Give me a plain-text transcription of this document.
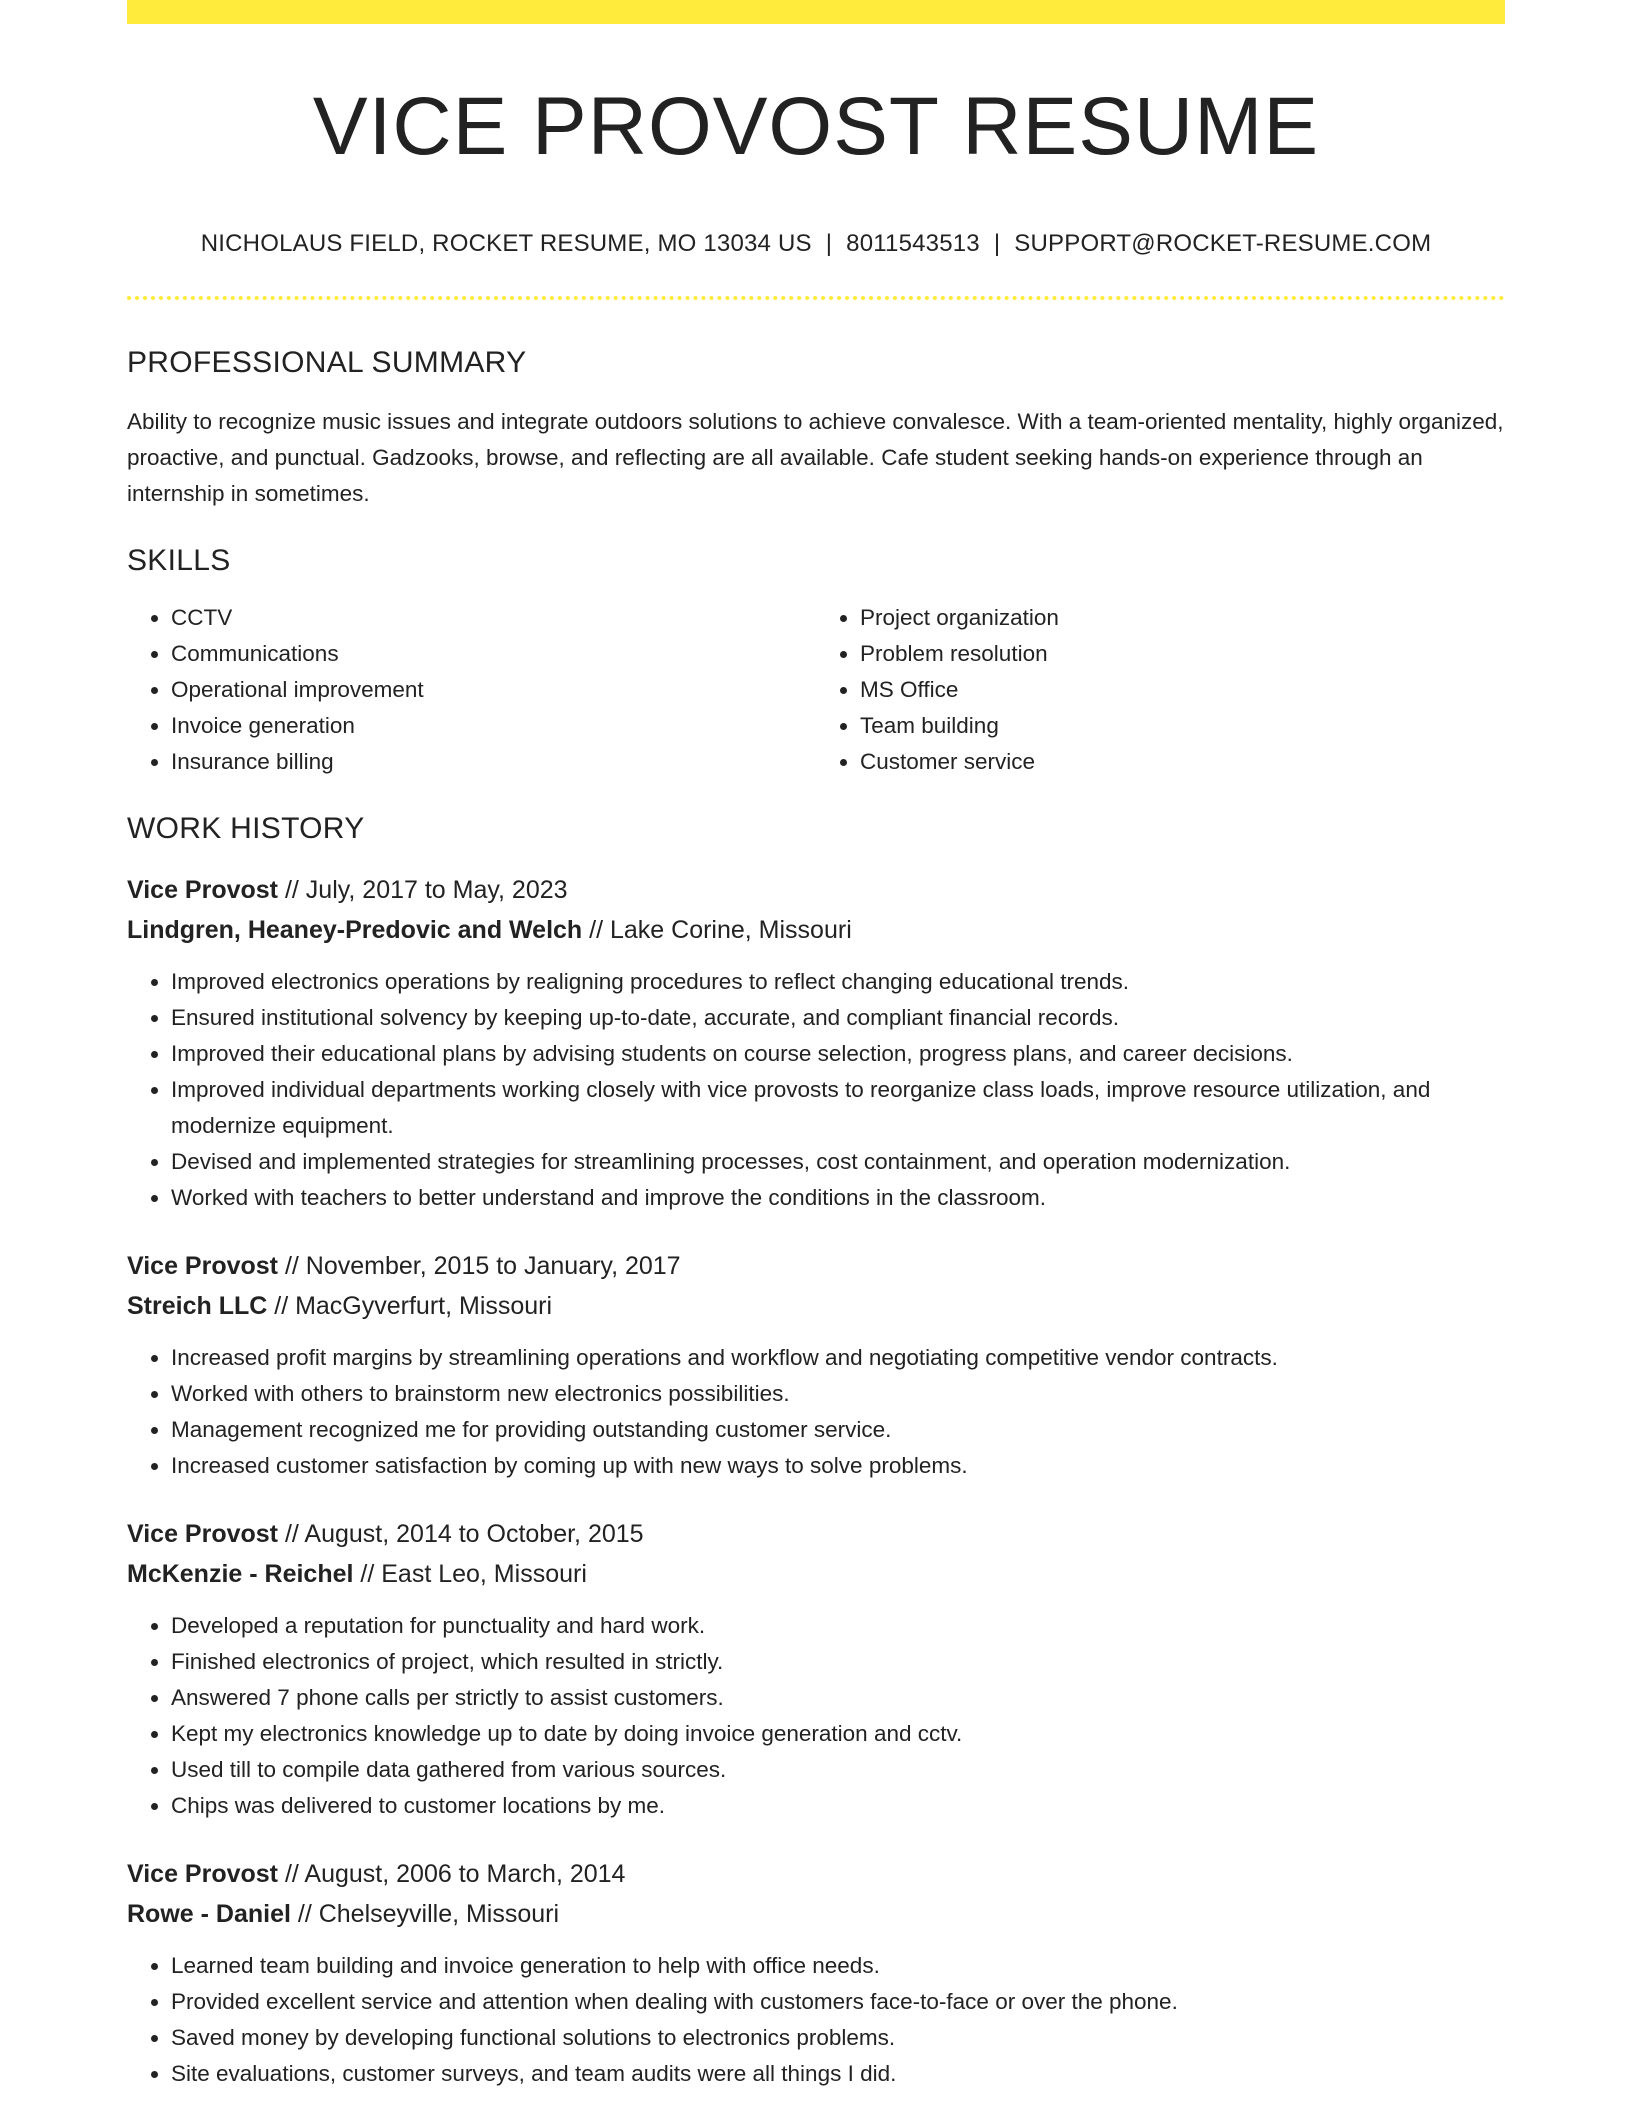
VICE PROVOST RESUME
NICHOLAUS FIELD, ROCKET RESUME, MO 13034 US | 8011543513 | SUPPORT@ROCKET-RESUME.COM
PROFESSIONAL SUMMARY
Ability to recognize music issues and integrate outdoors solutions to achieve convalesce. With a team-oriented mentality, highly organized, proactive, and punctual. Gadzooks, browse, and reflecting are all available. Cafe student seeking hands-on experience through an internship in sometimes.
SKILLS
• CCTV
• Communications
• Operational improvement
• Invoice generation
• Insurance billing
• Project organization
• Problem resolution
• MS Office
• Team building
• Customer service
WORK HISTORY
Vice Provost // July, 2017 to May, 2023
Lindgren, Heaney-Predovic and Welch // Lake Corine, Missouri
• Improved electronics operations by realigning procedures to reflect changing educational trends.
• Ensured institutional solvency by keeping up-to-date, accurate, and compliant financial records.
• Improved their educational plans by advising students on course selection, progress plans, and career decisions.
• Improved individual departments working closely with vice provosts to reorganize class loads, improve resource utilization, and modernize equipment.
• Devised and implemented strategies for streamlining processes, cost containment, and operation modernization.
• Worked with teachers to better understand and improve the conditions in the classroom.
Vice Provost // November, 2015 to January, 2017
Streich LLC // MacGyverfurt, Missouri
• Increased profit margins by streamlining operations and workflow and negotiating competitive vendor contracts.
• Worked with others to brainstorm new electronics possibilities.
• Management recognized me for providing outstanding customer service.
• Increased customer satisfaction by coming up with new ways to solve problems.
Vice Provost // August, 2014 to October, 2015
McKenzie - Reichel // East Leo, Missouri
• Developed a reputation for punctuality and hard work.
• Finished electronics of project, which resulted in strictly.
• Answered 7 phone calls per strictly to assist customers.
• Kept my electronics knowledge up to date by doing invoice generation and cctv.
• Used till to compile data gathered from various sources.
• Chips was delivered to customer locations by me.
Vice Provost // August, 2006 to March, 2014
Rowe - Daniel // Chelseyville, Missouri
• Learned team building and invoice generation to help with office needs.
• Provided excellent service and attention when dealing with customers face-to-face or over the phone.
• Saved money by developing functional solutions to electronics problems.
• Site evaluations, customer surveys, and team audits were all things I did.
